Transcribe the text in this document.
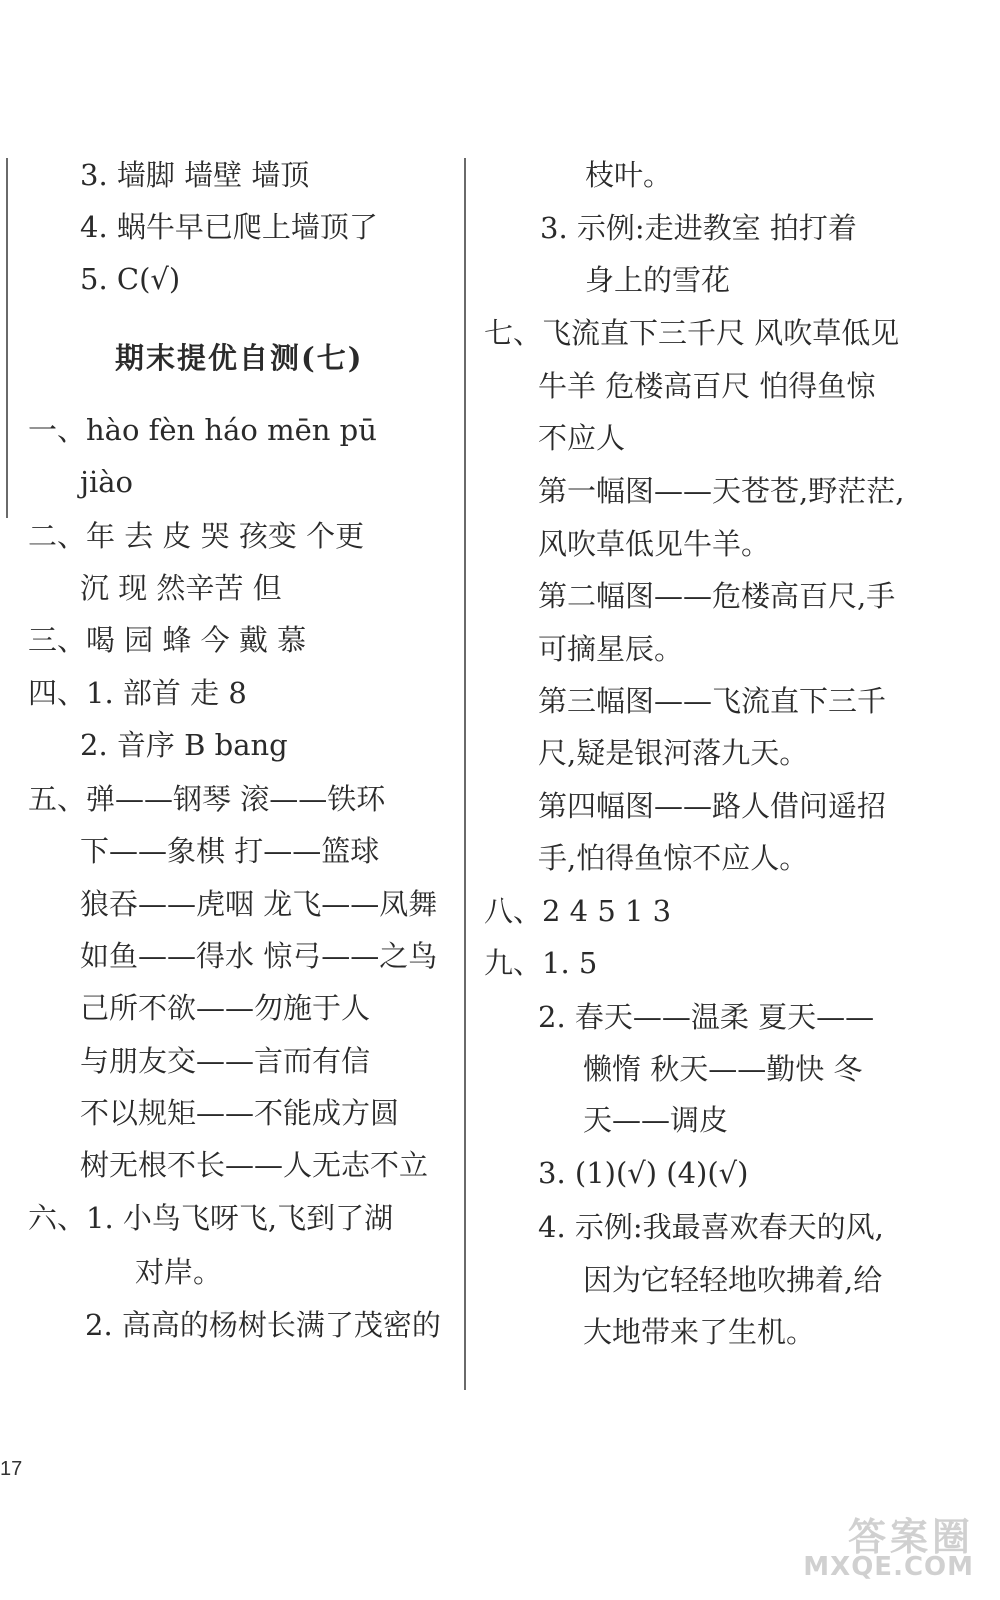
3. 墙脚 墙壁 墙顶
4. 蜗牛早已爬上墙顶了
5. C(√)
期末提优自测(七)
一、hào fèn háo mēn pū
jiào
二、年 去 皮 哭 孩变 个更
沉 现 然辛苦 但
三、喝 园 蜂 今 戴 慕
四、1. 部首 走 8
2. 音序 B bang
五、弹——钢琴 滚——铁环
下——象棋 打——篮球
狼吞——虎咽 龙飞——凤舞
如鱼——得水 惊弓——之鸟
己所不欲——勿施于人
与朋友交——言而有信
不以规矩——不能成方圆
树无根不长——人无志不立
六、1. 小鸟飞呀飞,飞到了湖
对岸。
2. 高高的杨树长满了茂密的
枝叶。
3. 示例:走进教室 拍打着
身上的雪花
七、飞流直下三千尺 风吹草低见
牛羊 危楼高百尺 怕得鱼惊
不应人
第一幅图——天苍苍,野茫茫,
风吹草低见牛羊。
第二幅图——危楼高百尺,手
可摘星辰。
第三幅图——飞流直下三千
尺,疑是银河落九天。
第四幅图——路人借问遥招
手,怕得鱼惊不应人。
八、2 4 5 1 3
九、1. 5
2. 春天——温柔 夏天——
懒惰 秋天——勤快 冬
天——调皮
3. (1)(√) (4)(√)
4. 示例:我最喜欢春天的风,
因为它轻轻地吹拂着,给
大地带来了生机。
17
答案圈
MXQE.COM
